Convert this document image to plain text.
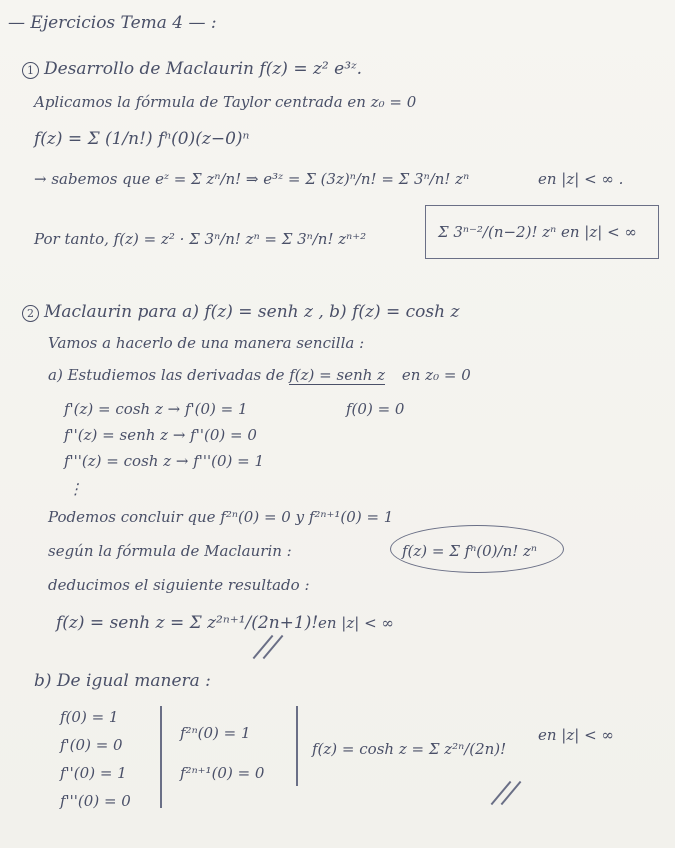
— Ejercicios Tema 4 — :
1 Desarrollo de Maclaurin f(z) = z² e³ᶻ.
Aplicamos la fórmula de Taylor centrada en z₀ = 0
f(z) = Σ (1/n!) fⁿ(0)(z−0)ⁿ
→ sabemos que eᶻ = Σ zⁿ/n! ⇒ e³ᶻ = Σ (3z)ⁿ/n! = Σ 3ⁿ/n! zⁿ	en |z| < ∞ .
Por tanto, f(z) = z² · Σ 3ⁿ/n! zⁿ = Σ 3ⁿ/n! zⁿ⁺²	Σ 3ⁿ⁻²/(n−2)! zⁿ en |z| < ∞
2 Maclaurin para a) f(z) = senh z , b) f(z) = cosh z
Vamos a hacerlo de una manera sencilla :
a) Estudiemos las derivadas de f(z) = senh z en z₀ = 0
f'(z) = cosh z → f'(0) = 1	f(0) = 0
f''(z) = senh z → f''(0) = 0
f'''(z) = cosh z → f'''(0) = 1
⋮
Podemos concluir que f²ⁿ(0) = 0 y f²ⁿ⁺¹(0) = 1
según la fórmula de Maclaurin :	f(z) = Σ fⁿ(0)/n! zⁿ
deducimos el siguiente resultado :
f(z) = senh z = Σ z²ⁿ⁺¹/(2n+1)! en |z| < ∞
b) De igual manera :
f(0) = 1
f'(0) = 0
f''(0) = 1
f'''(0) = 0
f²ⁿ(0) = 1
f²ⁿ⁺¹(0) = 0
f(z) = cosh z = Σ z²ⁿ/(2n)!
en |z| < ∞
